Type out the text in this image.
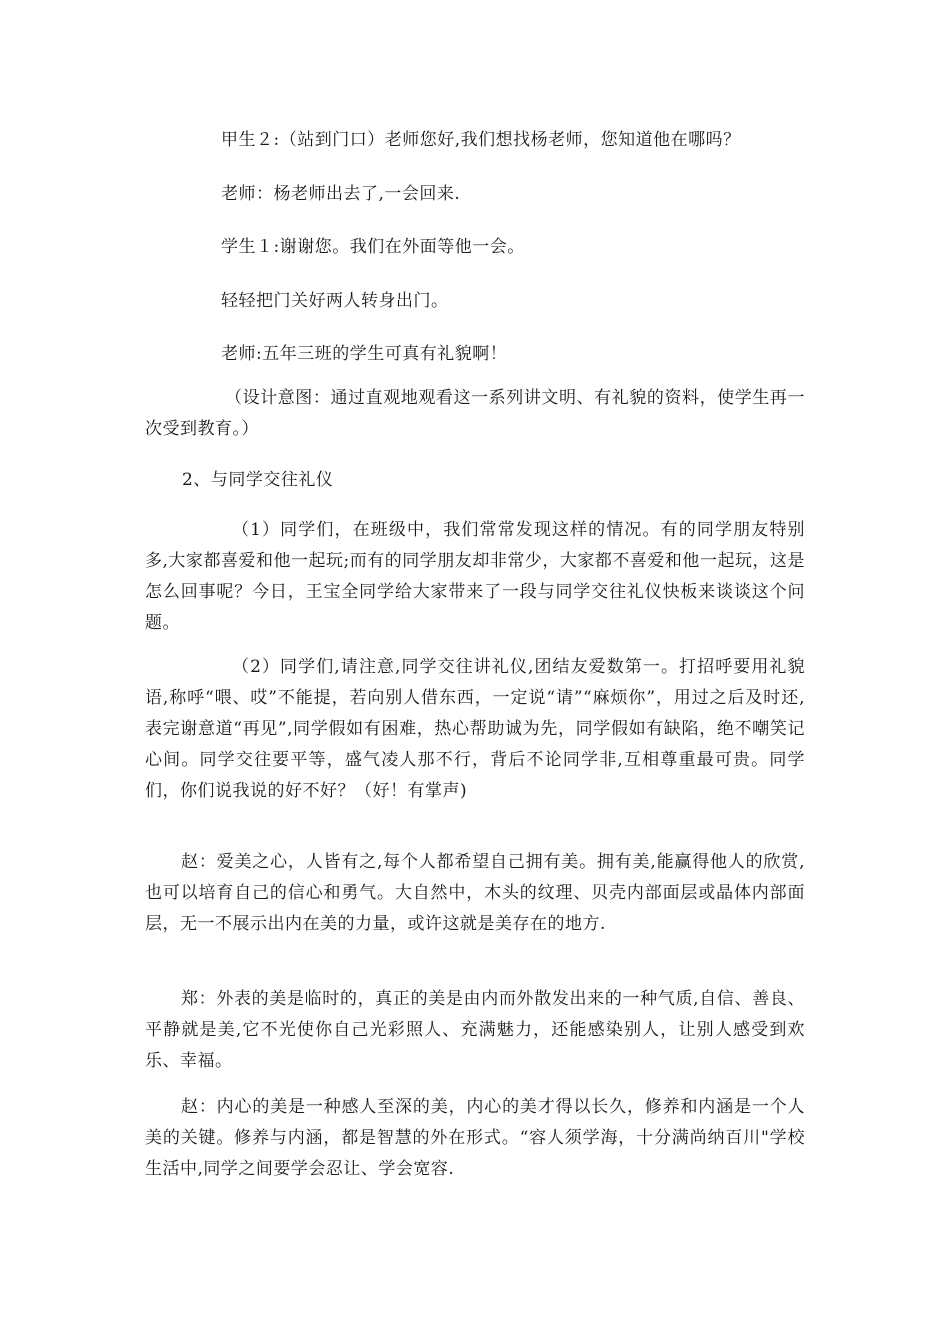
甲生２:（站到门口）老师您好,我们想找杨老师，您知道他在哪吗？
老师：杨老师出去了,一会回来.
学生１:谢谢您。我们在外面等他一会。
轻轻把门关好两人转身出门。
老师:五年三班的学生可真有礼貌啊！
（设计意图：通过直观地观看这一系列讲文明、有礼貌的资料，使学生再一次受到教育。）
2、与同学交往礼仪
（1）同学们，在班级中，我们常常发现这样的情况。有的同学朋友特别多,大家都喜爱和他一起玩;而有的同学朋友却非常少，大家都不喜爱和他一起玩，这是怎么回事呢？今日，王宝全同学给大家带来了一段与同学交往礼仪快板来谈谈这个问题。
（2）同学们,请注意,同学交往讲礼仪,团结友爱数第一。打招呼要用礼貌语,称呼“喂、哎”不能提，若向别人借东西，一定说“请”“麻烦你”，用过之后及时还,表完谢意道“再见”,同学假如有困难，热心帮助诚为先，同学假如有缺陷，绝不嘲笑记心间。同学交往要平等，盛气凌人那不行，背后不论同学非,互相尊重最可贵。同学们，你们说我说的好不好？（好！有掌声)
赵：爱美之心，人皆有之,每个人都希望自己拥有美。拥有美,能赢得他人的欣赏,也可以培育自己的信心和勇气。大自然中，木头的纹理、贝壳内部面层或晶体内部面层，无一不展示出内在美的力量，或许这就是美存在的地方.
郑：外表的美是临时的，真正的美是由内而外散发出来的一种气质,自信、善良、平静就是美,它不光使你自己光彩照人、充满魅力，还能感染别人，让别人感受到欢乐、幸福。
赵：内心的美是一种感人至深的美，内心的美才得以长久，修养和内涵是一个人美的关键。修养与内涵，都是智慧的外在形式。“容人须学海，十分满尚纳百川"学校生活中,同学之间要学会忍让、学会宽容.
